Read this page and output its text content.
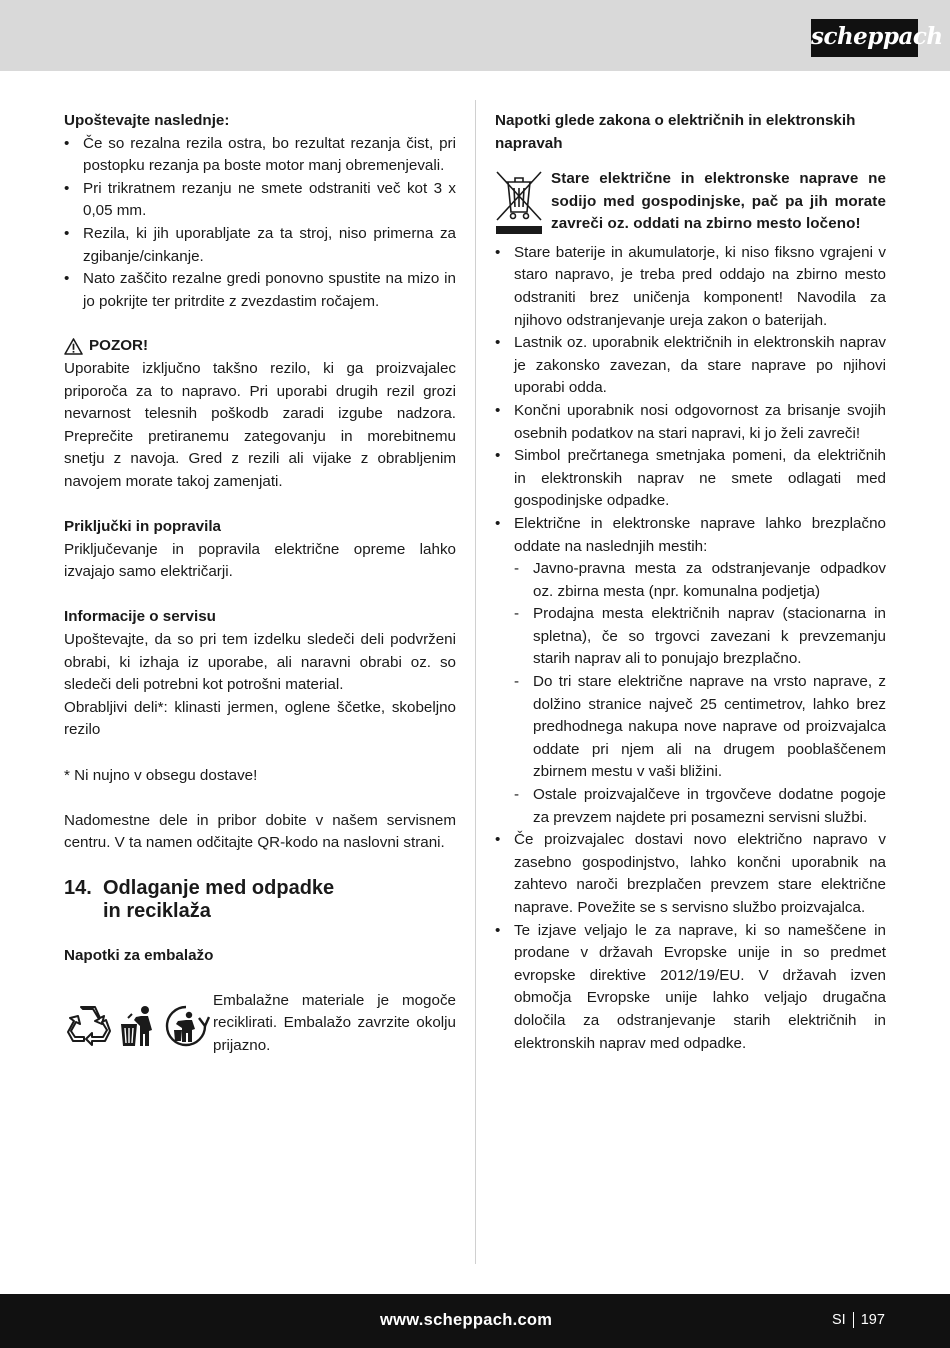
scheppach

Upoštevajte naslednje:

• Če so rezalna rezila ostra, bo rezultat rezanja čist, pri postopku rezanja pa boste motor manj obremenjevali.
• Pri trikratnem rezanju ne smete odstraniti več kot 3 x 0,05 mm.
• Rezila, ki jih uporabljate za ta stroj, niso primerna za zgibanje/cinkanje.
• Nato zaščito rezalne gredi ponovno spustite na mizo in jo pokrijte ter pritrdite z zvezdastim ročajem.
POZOR!

Uporabite izključno takšno rezilo, ki ga proizvajalec priporoča za to napravo. Pri uporabi drugih rezil grozi nevarnost telesnih poškodb zaradi izgube nadzora. Preprečite pretiranemu zategovanju in morebitnemu snetju z navoja. Gred z rezili ali vijake z obrabljenim navojem morate takoj zamenjati.

Priključki in popravila

Priključevanje in popravila električne opreme lahko izvajajo samo električarji.

Informacije o servisu

Upoštevajte, da so pri tem izdelku sledeči deli podvrženi obrabi, ki izhaja iz uporabe, ali naravni obrabi oz. so sledeči deli potrebni kot potrošni material.

Obrabljivi deli*: klinasti jermen, oglene ščetke, skobeljno rezilo

* Ni nujno v obsegu dostave!

Nadomestne dele in pribor dobite v našem servisnem centru. V ta namen odčitajte QR-kodo na naslovni strani.

14. Odlaganje med odpadke
in reciklaža

Napotki za embalažo

Embalažne materiale je mogoče reciklirati. Embalažo zavrzite okolju prijazno.

Napotki glede zakona o električnih in elektronskih napravah

Stare električne in elektronske naprave ne sodijo med gospodinjske, pač pa jih morate zavreči oz. oddati na zbirno mesto ločeno!

• Stare baterije in akumulatorje, ki niso fiksno vgrajeni v staro napravo, je treba pred oddajo na zbirno mesto odstraniti brez uničenja komponent! Navodila za njihovo odstranjevanje ureja zakon o baterijah.
• Lastnik oz. uporabnik električnih in elektronskih naprav je zakonsko zavezan, da stare naprave po njihovi uporabi odda.
• Končni uporabnik nosi odgovornost za brisanje svojih osebnih podatkov na stari napravi, ki jo želi zavreči!
• Simbol prečrtanega smetnjaka pomeni, da električnih in elektronskih naprav ne smete odlagati med gospodinjske odpadke.
• Električne in elektronske naprave lahko brezplačno oddate na naslednjih mestih:
- Javno-pravna mesta za odstranjevanje odpadkov oz. zbirna mesta (npr. komunalna podjetja)
- Prodajna mesta električnih naprav (stacionarna in spletna), če so trgovci zavezani k prevzemanju starih naprav ali to ponujajo brezplačno.
- Do tri stare električne naprave na vrsto naprave, z dolžino stranice največ 25 centimetrov, lahko brez predhodnega nakupa nove naprave od proizvajalca oddate pri njem ali na drugem pooblaščenem zbirnem mestu v vaši bližini.
- Ostale proizvajalčeve in trgovčeve dodatne pogoje za prevzem najdete pri posamezni servisni službi.
• Če proizvajalec dostavi novo električno napravo v zasebno gospodinjstvo, lahko končni uporabnik na zahtevo naroči brezplačen prevzem stare električne naprave. Povežite se s servisno službo proizvajalca.
• Te izjave veljajo le za naprave, ki so nameščene in prodane v državah Evropske unije in so predmet evropske direktive 2012/19/EU. V državah izven območja Evropske unije lahko veljajo drugačna določila za odstranjevanje starih električnih in elektronskih naprav med odpadke.
www.scheppach.com	SI 197
